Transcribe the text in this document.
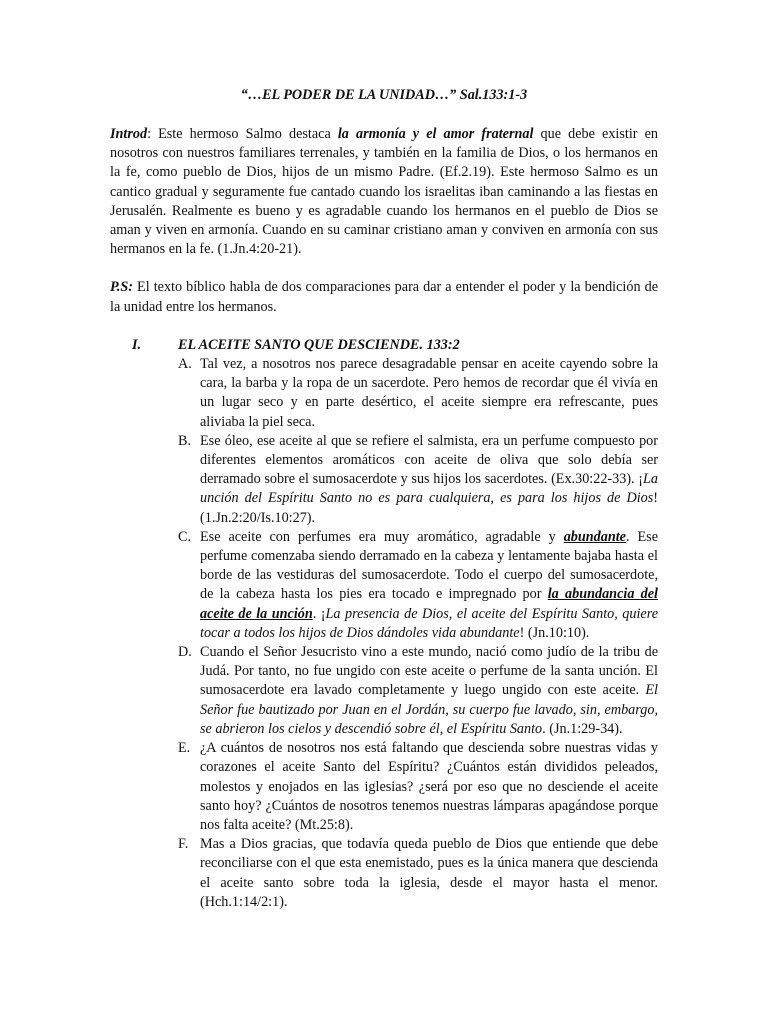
“…EL PODER DE LA UNIDAD…” Sal.133:1-3

Introd: Este hermoso Salmo destaca la armonía y el amor fraternal que debe existir en nosotros con nuestros familiares terrenales, y también en la familia de Dios, o los hermanos en la fe, como pueblo de Dios, hijos de un mismo Padre. (Ef.2.19). Este hermoso Salmo es un cantico gradual y seguramente fue cantado cuando los israelitas iban caminando a las fiestas en Jerusalén. Realmente es bueno y es agradable cuando los hermanos en el pueblo de Dios se aman y viven en armonía. Cuando en su caminar cristiano aman y conviven en armonía con sus hermanos en la fe. (1.Jn.4:20-21).

P.S: El texto bíblico habla de dos comparaciones para dar a entender el poder y la bendición de la unidad entre los hermanos.

I.	EL ACEITE SANTO QUE DESCIENDE. 133:2
A. Tal vez, a nosotros nos parece desagradable pensar en aceite cayendo sobre la cara, la barba y la ropa de un sacerdote. Pero hemos de recordar que él vivía en un lugar seco y en parte desértico, el aceite siempre era refrescante, pues aliviaba la piel seca.
B. Ese óleo, ese aceite al que se refiere el salmista, era un perfume compuesto por diferentes elementos aromáticos con aceite de oliva que solo debía ser derramado sobre el sumosacerdote y sus hijos los sacerdotes. (Ex.30:22-33). ¡La unción del Espíritu Santo no es para cualquiera, es para los hijos de Dios! (1.Jn.2:20/Is.10:27).
C. Ese aceite con perfumes era muy aromático, agradable y abundante. Ese perfume comenzaba siendo derramado en la cabeza y lentamente bajaba hasta el borde de las vestiduras del sumosacerdote. Todo el cuerpo del sumosacerdote, de la cabeza hasta los pies era tocado e impregnado por la abundancia del aceite de la unción. ¡La presencia de Dios, el aceite del Espíritu Santo, quiere tocar a todos los hijos de Dios dándoles vida abundante! (Jn.10:10).
D. Cuando el Señor Jesucristo vino a este mundo, nació como judío de la tribu de Judá. Por tanto, no fue ungido con este aceite o perfume de la santa unción. El sumosacerdote era lavado completamente y luego ungido con este aceite. El Señor fue bautizado por Juan en el Jordán, su cuerpo fue lavado, sin, embargo, se abrieron los cielos y descendió sobre él, el Espíritu Santo. (Jn.1:29-34).
E. ¿A cuántos de nosotros nos está faltando que descienda sobre nuestras vidas y corazones el aceite Santo del Espíritu? ¿Cuántos están divididos peleados, molestos y enojados en las iglesias? ¿será por eso que no desciende el aceite santo hoy? ¿Cuántos de nosotros tenemos nuestras lámparas apagándose porque nos falta aceite? (Mt.25:8).
F. Mas a Dios gracias, que todavía queda pueblo de Dios que entiende que debe reconciliarse con el que esta enemistado, pues es la única manera que descienda el aceite santo sobre toda la iglesia, desde el mayor hasta el menor. (Hch.1:14/2:1).
